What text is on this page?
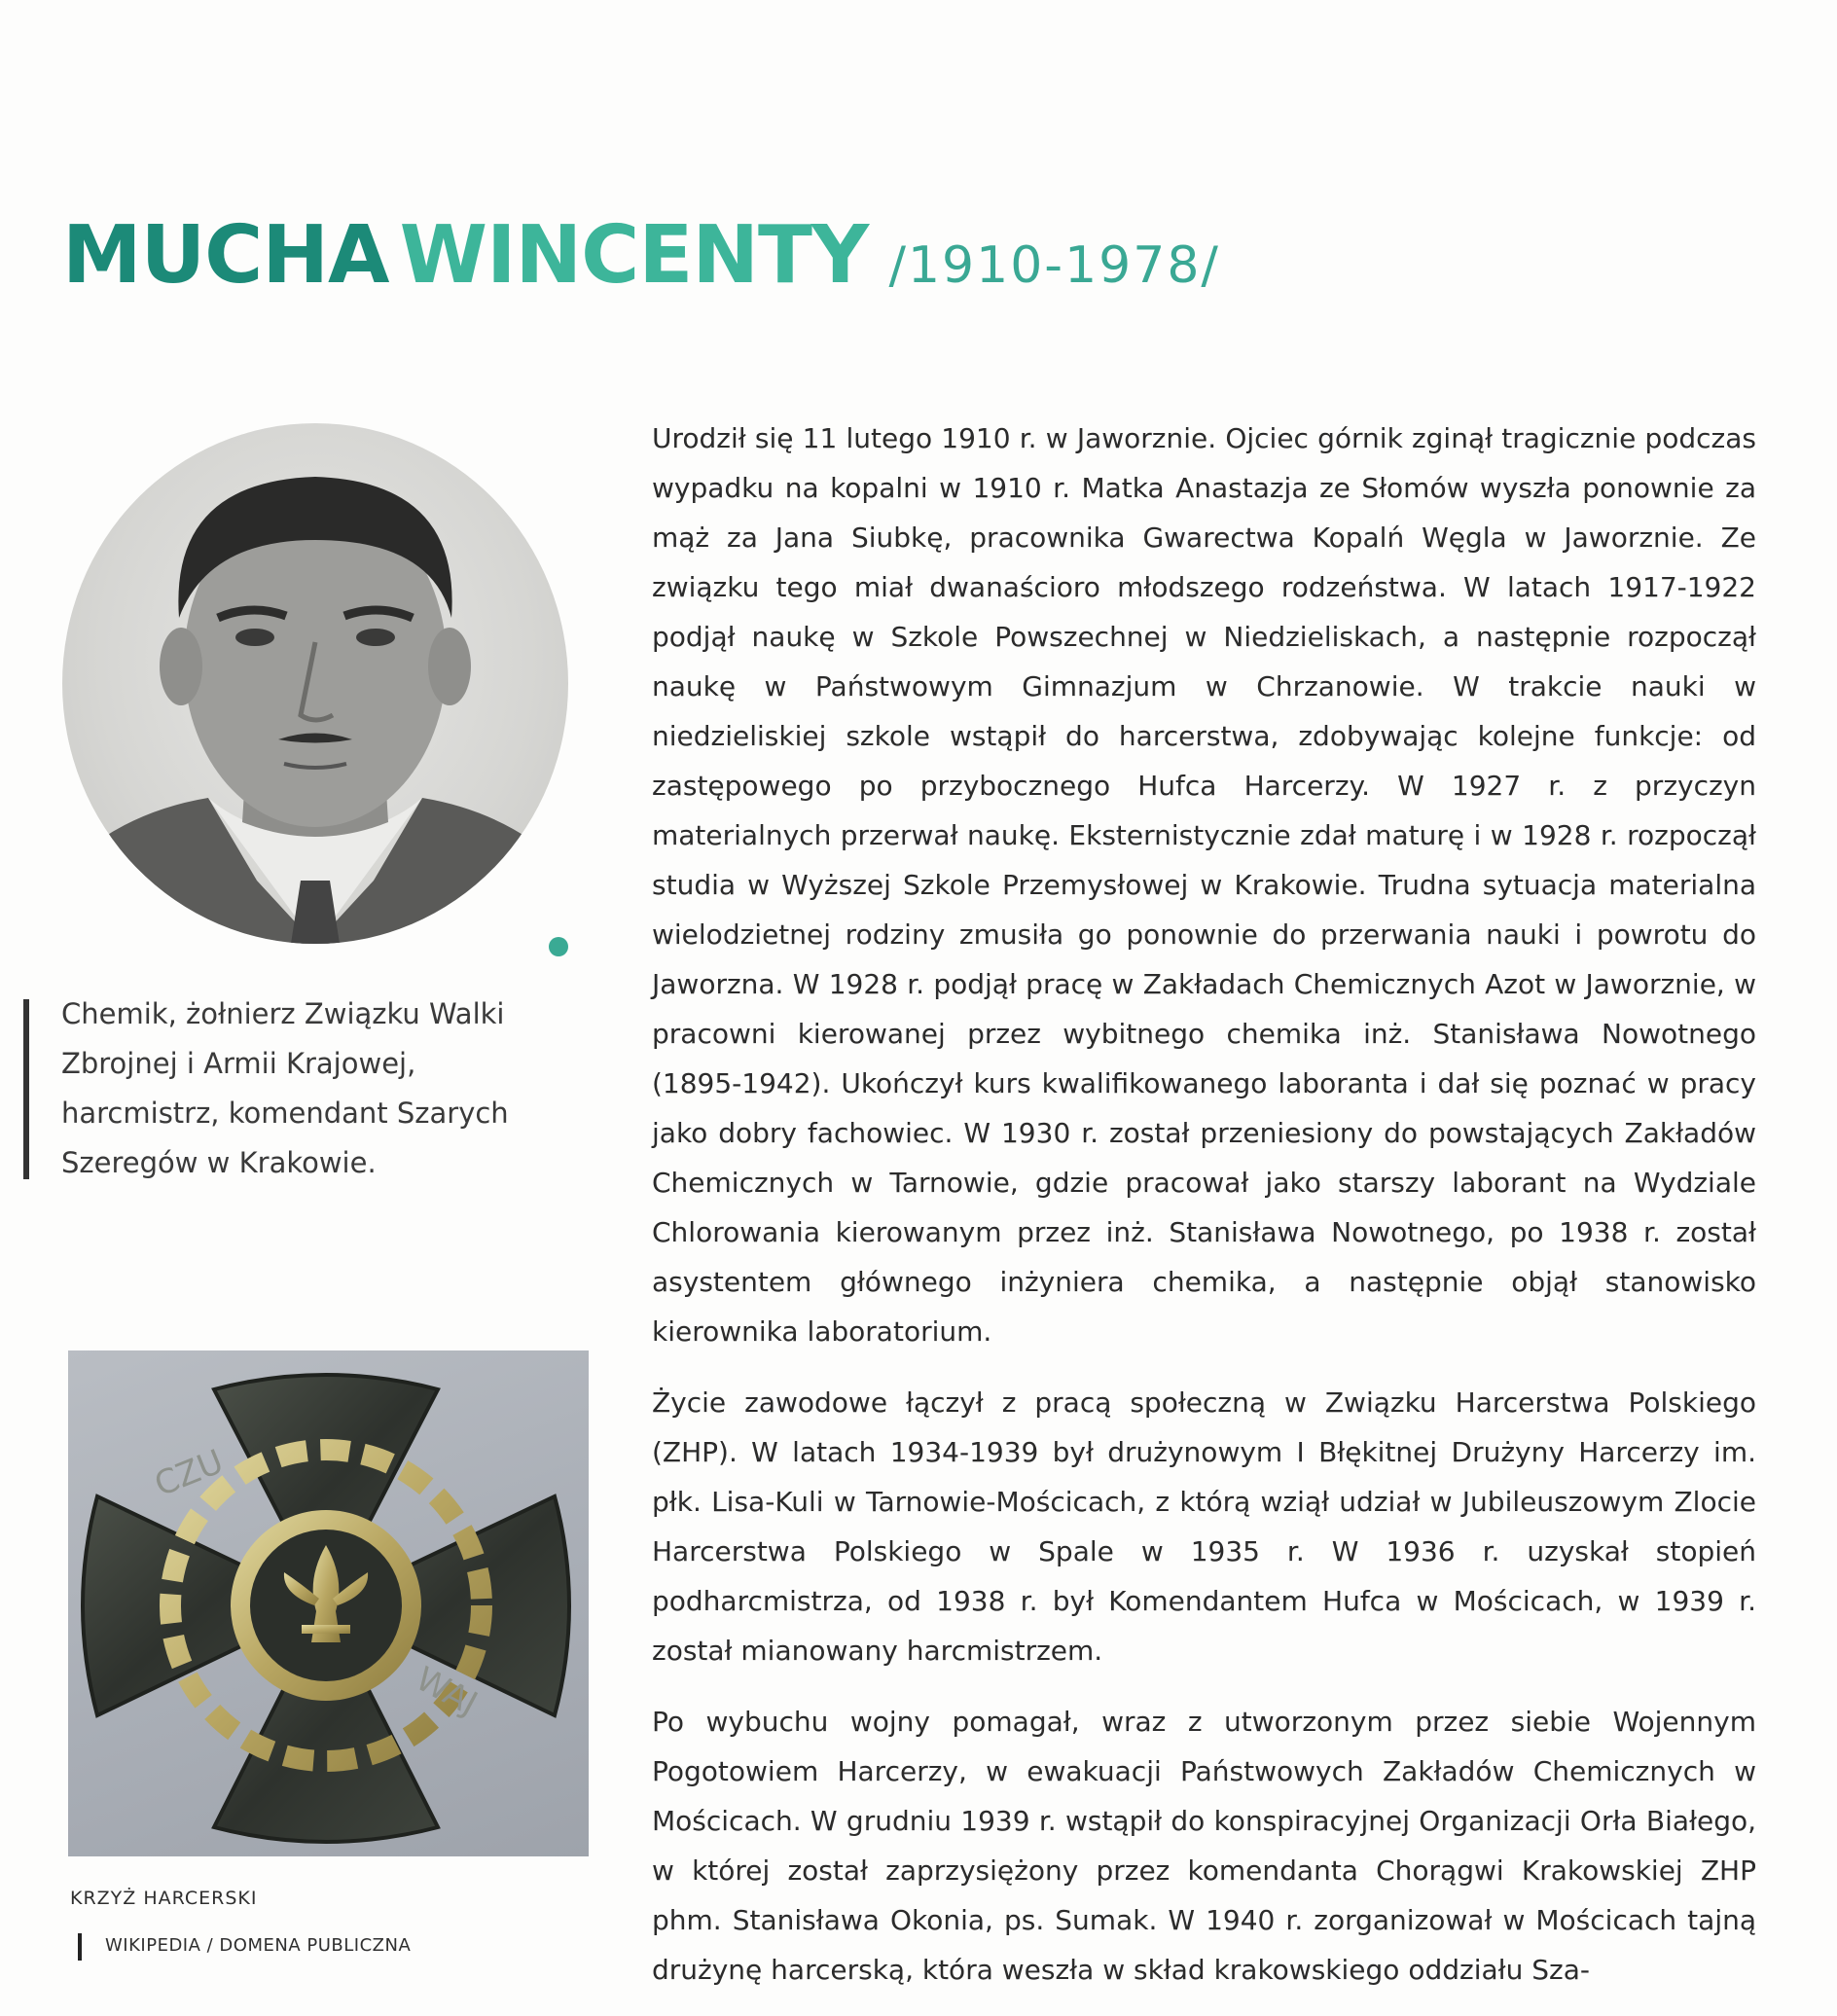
MUCHA WINCENTY /1910-1978/

Chemik, żołnierz Związku Walki Zbrojnej i Armii Krajowej, harcmistrz, komendant Szarych Szeregów w Krakowie.

CZU
WAJ

KRZYŻ HARCERSKI

WIKIPEDIA / DOMENA PUBLICZNA

Urodził się 11 lutego 1910 r. w Jaworznie. Ojciec górnik zginął tragicznie podczas wypadku na kopalni w 1910 r. Matka Anastazja ze Słomów wyszła ponownie za mąż za Jana Siubkę, pracownika Gwarectwa Kopalń Węgla w Jaworznie. Ze związku tego miał dwanaścioro młodszego rodzeństwa. W latach 1917-1922 podjął naukę w Szkole Powszechnej w Niedzieliskach, a następnie rozpoczął naukę w Państwowym Gimnazjum w Chrzanowie. W trakcie nauki w niedzieliskiej szkole wstąpił do harcerstwa, zdobywając kolejne funkcje: od zastępowego po przybocznego Hufca Harcerzy. W 1927 r. z przyczyn materialnych przerwał naukę. Eksternistycznie zdał maturę i w 1928 r. rozpoczął studia w Wyższej Szkole Przemysłowej w Krakowie. Trudna sytuacja materialna wielodzietnej rodziny zmusiła go ponownie do przerwania nauki i powrotu do Jaworzna. W 1928 r. podjął pracę w Zakładach Chemicznych Azot w Jaworznie, w pracowni kierowanej przez wybitnego chemika inż. Stanisława Nowotnego (1895-1942). Ukończył kurs kwalifikowanego laboranta i dał się poznać w pracy jako dobry fachowiec. W 1930 r. został przeniesiony do powstających Zakładów Chemicznych w Tarnowie, gdzie pracował jako starszy laborant na Wydziale Chlorowania kierowanym przez inż. Stanisława Nowotnego, po 1938 r. został asystentem głównego inżyniera chemika, a następnie objął stanowisko kierownika laboratorium.

Życie zawodowe łączył z pracą społeczną w Związku Harcerstwa Polskiego (ZHP). W latach 1934-1939 był drużynowym I Błękitnej Drużyny Harcerzy im. płk. Lisa-Kuli w Tarnowie-Mościcach, z którą wziął udział w Jubileuszowym Zlocie Harcerstwa Polskiego w Spale w 1935 r. W 1936 r. uzyskał stopień podharcmistrza, od 1938 r. był Komendantem Hufca w Mościcach, w 1939 r. został mianowany harcmistrzem.

Po wybuchu wojny pomagał, wraz z utworzonym przez siebie Wojennym Pogotowiem Harcerzy, w ewakuacji Państwowych Zakładów Chemicznych w Mościcach. W grudniu 1939 r. wstąpił do konspiracyjnej Organizacji Orła Białego, w której został zaprzysiężony przez komendanta Chorągwi Krakowskiej ZHP phm. Stanisława Okonia, ps. Sumak. W 1940 r. zorganizował w Mościcach tajną drużynę harcerską, która weszła w skład krakowskiego oddziału Sza-
